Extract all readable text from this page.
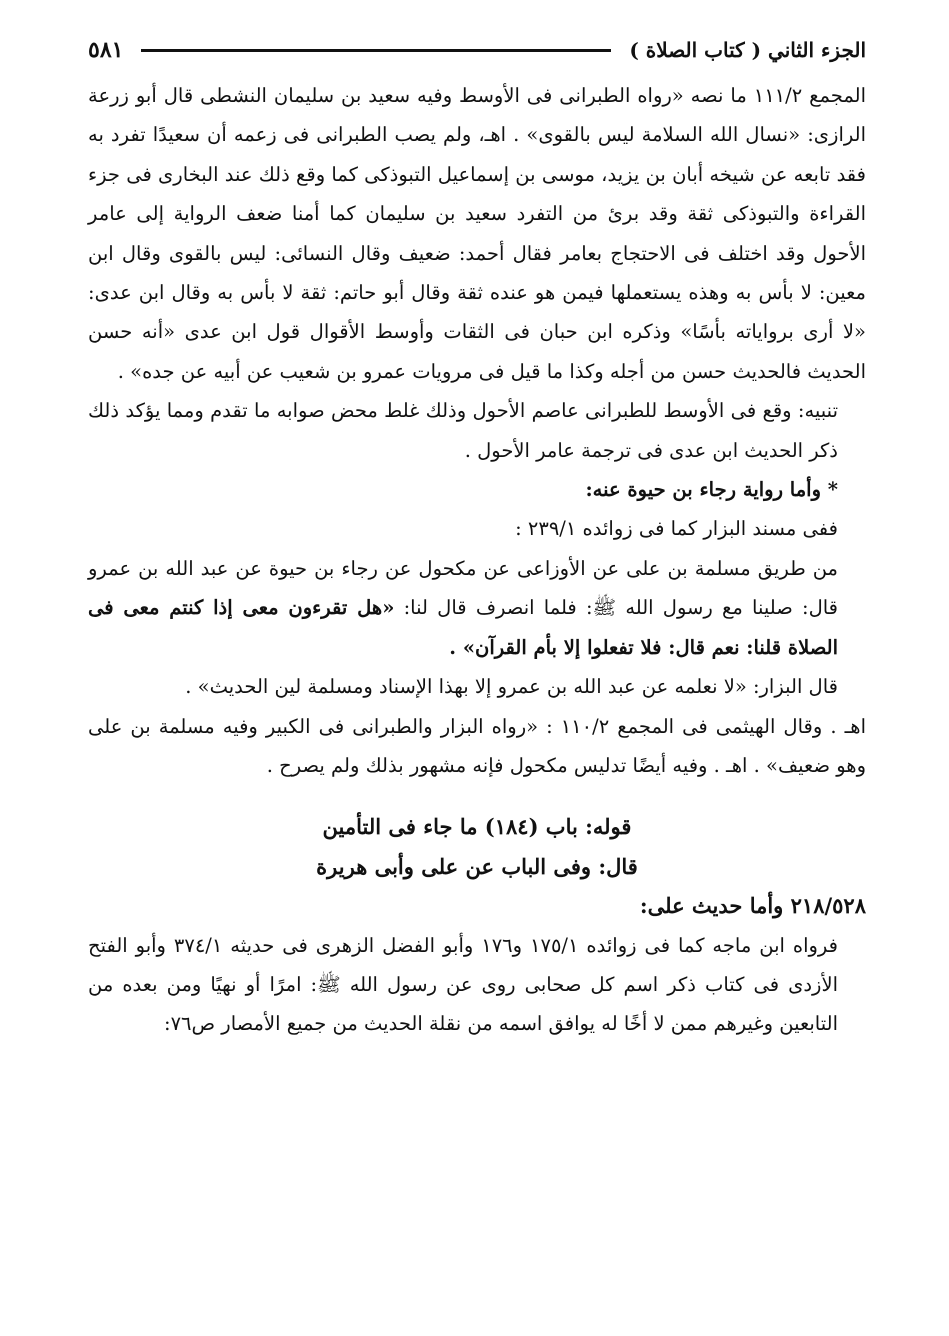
الجزء الثاني ( كتاب الصلاة )
٥٨١

المجمع ١١١/٢ ما نصه «رواه الطبرانى فى الأوسط وفيه سعيد بن سليمان النشطى قال أبو زرعة الرازى: «نسال الله السلامة ليس بالقوى» . اهـ، ولم يصب الطبرانى فى زعمه أن سعيدًا تفرد به فقد تابعه عن شيخه أبان بن يزيد، موسى بن إسماعيل التبوذكى كما وقع ذلك عند البخارى فى جزء القراءة والتبوذكى ثقة وقد برئ من التفرد سعيد بن سليمان كما أمنا ضعف الرواية إلى عامر الأحول وقد اختلف فى الاحتجاج بعامر فقال أحمد: ضعيف وقال النسائى: ليس بالقوى وقال ابن معين: لا بأس به وهذه يستعملها فيمن هو عنده ثقة وقال أبو حاتم: ثقة لا بأس به وقال ابن عدى: «لا أرى برواياته بأسًا» وذكره ابن حبان فى الثقات وأوسط الأقوال قول ابن عدى «أنه حسن الحديث فالحديث حسن من أجله وكذا ما قيل فى مرويات عمرو بن شعيب عن أبيه عن جده» .

تنبيه: وقع فى الأوسط للطبرانى عاصم الأحول وذلك غلط محض صوابه ما تقدم ومما يؤكد ذلك ذكر الحديث ابن عدى فى ترجمة عامر الأحول .

* وأما رواية رجاء بن حيوة عنه:

ففى مسند البزار كما فى زوائده ٢٣٩/١ :

من طريق مسلمة بن على عن الأوزاعى عن مكحول عن رجاء بن حيوة عن عبد الله بن عمرو قال: صلينا مع رسول الله ﷺ: فلما انصرف قال لنا: «هل تقرءون معى إذا كنتم معى فى الصلاة قلنا: نعم قال: فلا تفعلوا إلا بأم القرآن» .

قال البزار: «لا نعلمه عن عبد الله بن عمرو إلا بهذا الإسناد ومسلمة لين الحديث» .

اهـ . وقال الهيثمى فى المجمع ١١٠/٢ : «رواه البزار والطبرانى فى الكبير وفيه مسلمة بن على وهو ضعيف» . اهـ . وفيه أيضًا تدليس مكحول فإنه مشهور بذلك ولم يصرح .

قوله: باب (١٨٤) ما جاء فى التأمين

قال: وفى الباب عن على وأبى هريرة

٢١٨/٥٢٨ وأما حديث على:

فرواه ابن ماجه كما فى زوائده ١٧٥/١ و١٧٦ وأبو الفضل الزهرى فى حديثه ٣٧٤/١ وأبو الفتح الأزدى فى كتاب ذكر اسم كل صحابى روى عن رسول الله ﷺ: امرًا أو نهيًا ومن بعده من التابعين وغيرهم ممن لا أخًا له يوافق اسمه من نقلة الحديث من جميع الأمصار ص٧٦:
